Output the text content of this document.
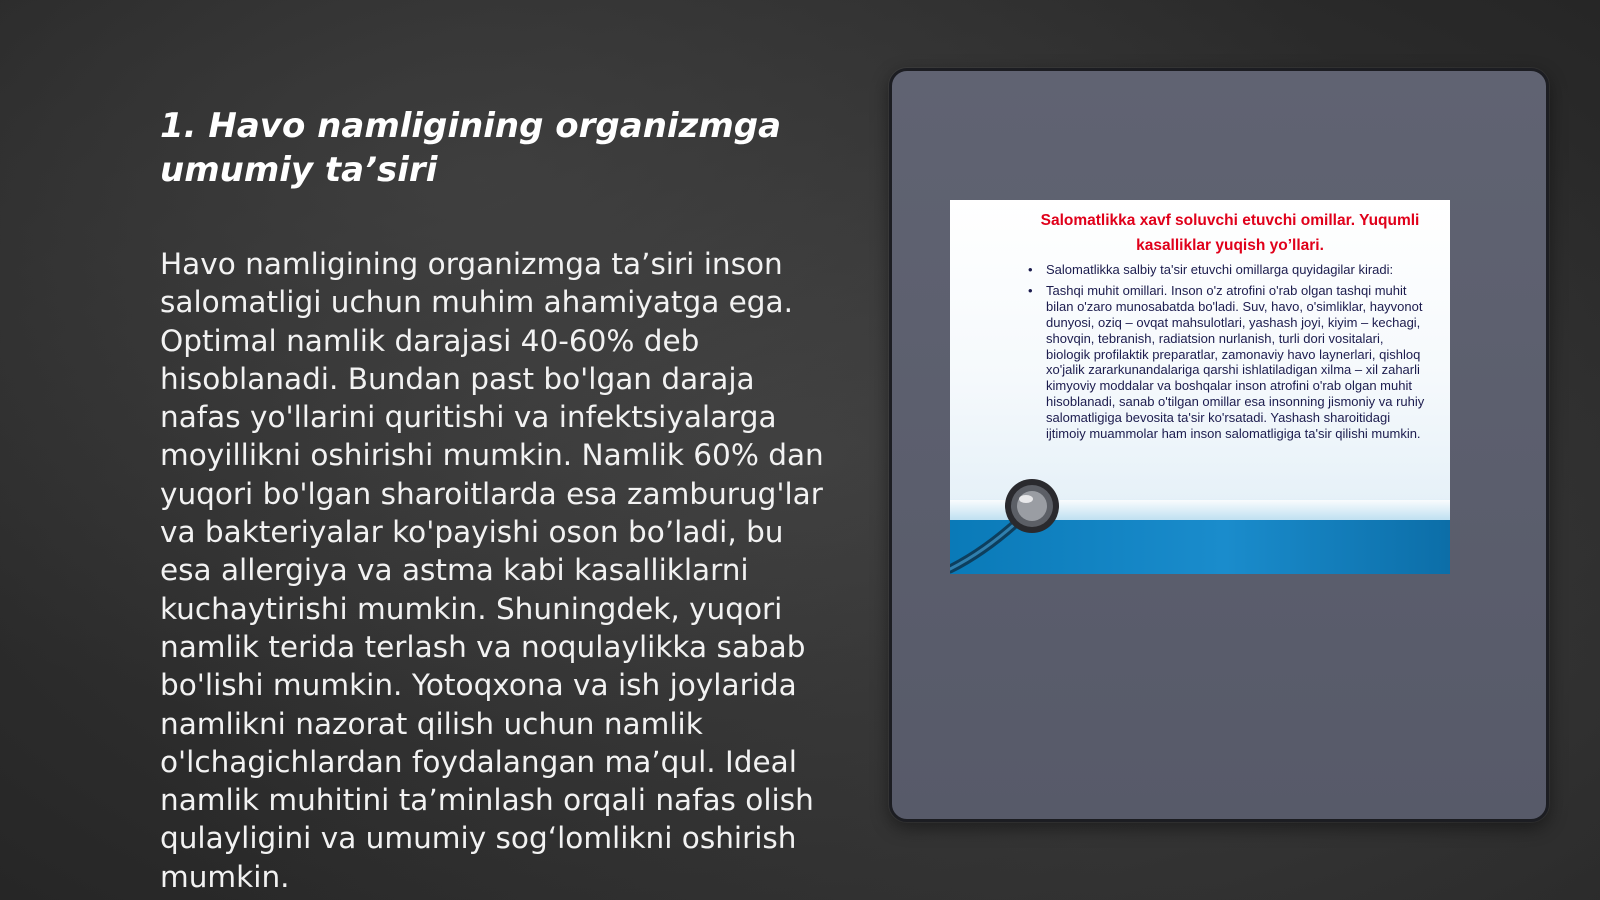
1. Havo namligining organizmga umumiy ta’siri

Havo namligining organizmga ta’siri inson salomatligi uchun muhim ahamiyatga ega. Optimal namlik darajasi 40-60% deb hisoblanadi. Bundan past bo'lgan daraja nafas yo'llarini quritishi va infektsiyalarga moyillikni oshirishi mumkin. Namlik 60% dan yuqori bo'lgan sharoitlarda esa zamburug'lar va bakteriyalar ko'payishi oson bo’ladi, bu esa allergiya va astma kabi kasalliklarni kuchaytirishi mumkin. Shuningdek, yuqori namlik terida terlash va noqulaylikka sabab bo'lishi mumkin. Yotoqxona va ish joylarida namlikni nazorat qilish uchun namlik o'lchagichlardan foydalangan ma’qul. Ideal namlik muhitini ta’minlash orqali nafas olish qulayligini va umumiy sog‘lomlikni oshirish mumkin.

Salomatlikka xavf soluvchi etuvchi omillar. Yuqumli kasalliklar yuqish yo’llari.
• Salomatlikka salbiy ta'sir etuvchi omillarga quyidagilar kiradi:
• Tashqi muhit omillari. Inson o'z atrofini o'rab olgan tashqi muhit bilan o'zaro munosabatda bo'ladi. Suv, havo, o'simliklar, hayvonot dunyosi, oziq – ovqat mahsulotlari, yashash joyi, kiyim – kechagi, shovqin, tebranish, radiatsion nurlanish, turli dori vositalari, biologik profilaktik preparatlar, zamonaviy havo laynerlari, qishloq xo'jalik zararkunandalariga qarshi ishlatiladigan xilma – xil zaharli kimyoviy moddalar va boshqalar inson atrofini o'rab olgan muhit hisoblanadi, sanab o'tilgan omillar esa insonning jismoniy va ruhiy salomatligiga bevosita ta'sir ko'rsatadi. Yashash sharoitidagi ijtimoiy muammolar ham inson salomatligiga ta'sir qilishi mumkin.
